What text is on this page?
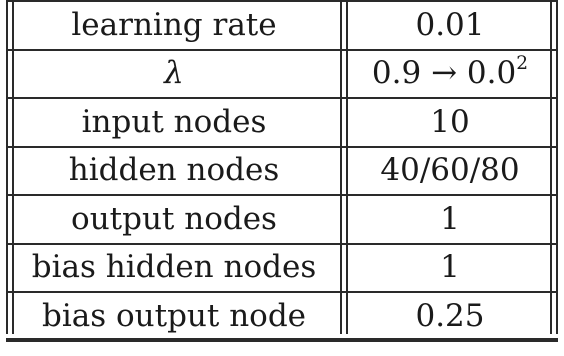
learning rate	0.01
λ	$0.9 \to 0.0^2$
input nodes	10
hidden nodes	40/60/80
output nodes	1
bias hidden nodes	1
bias output node	0.25
